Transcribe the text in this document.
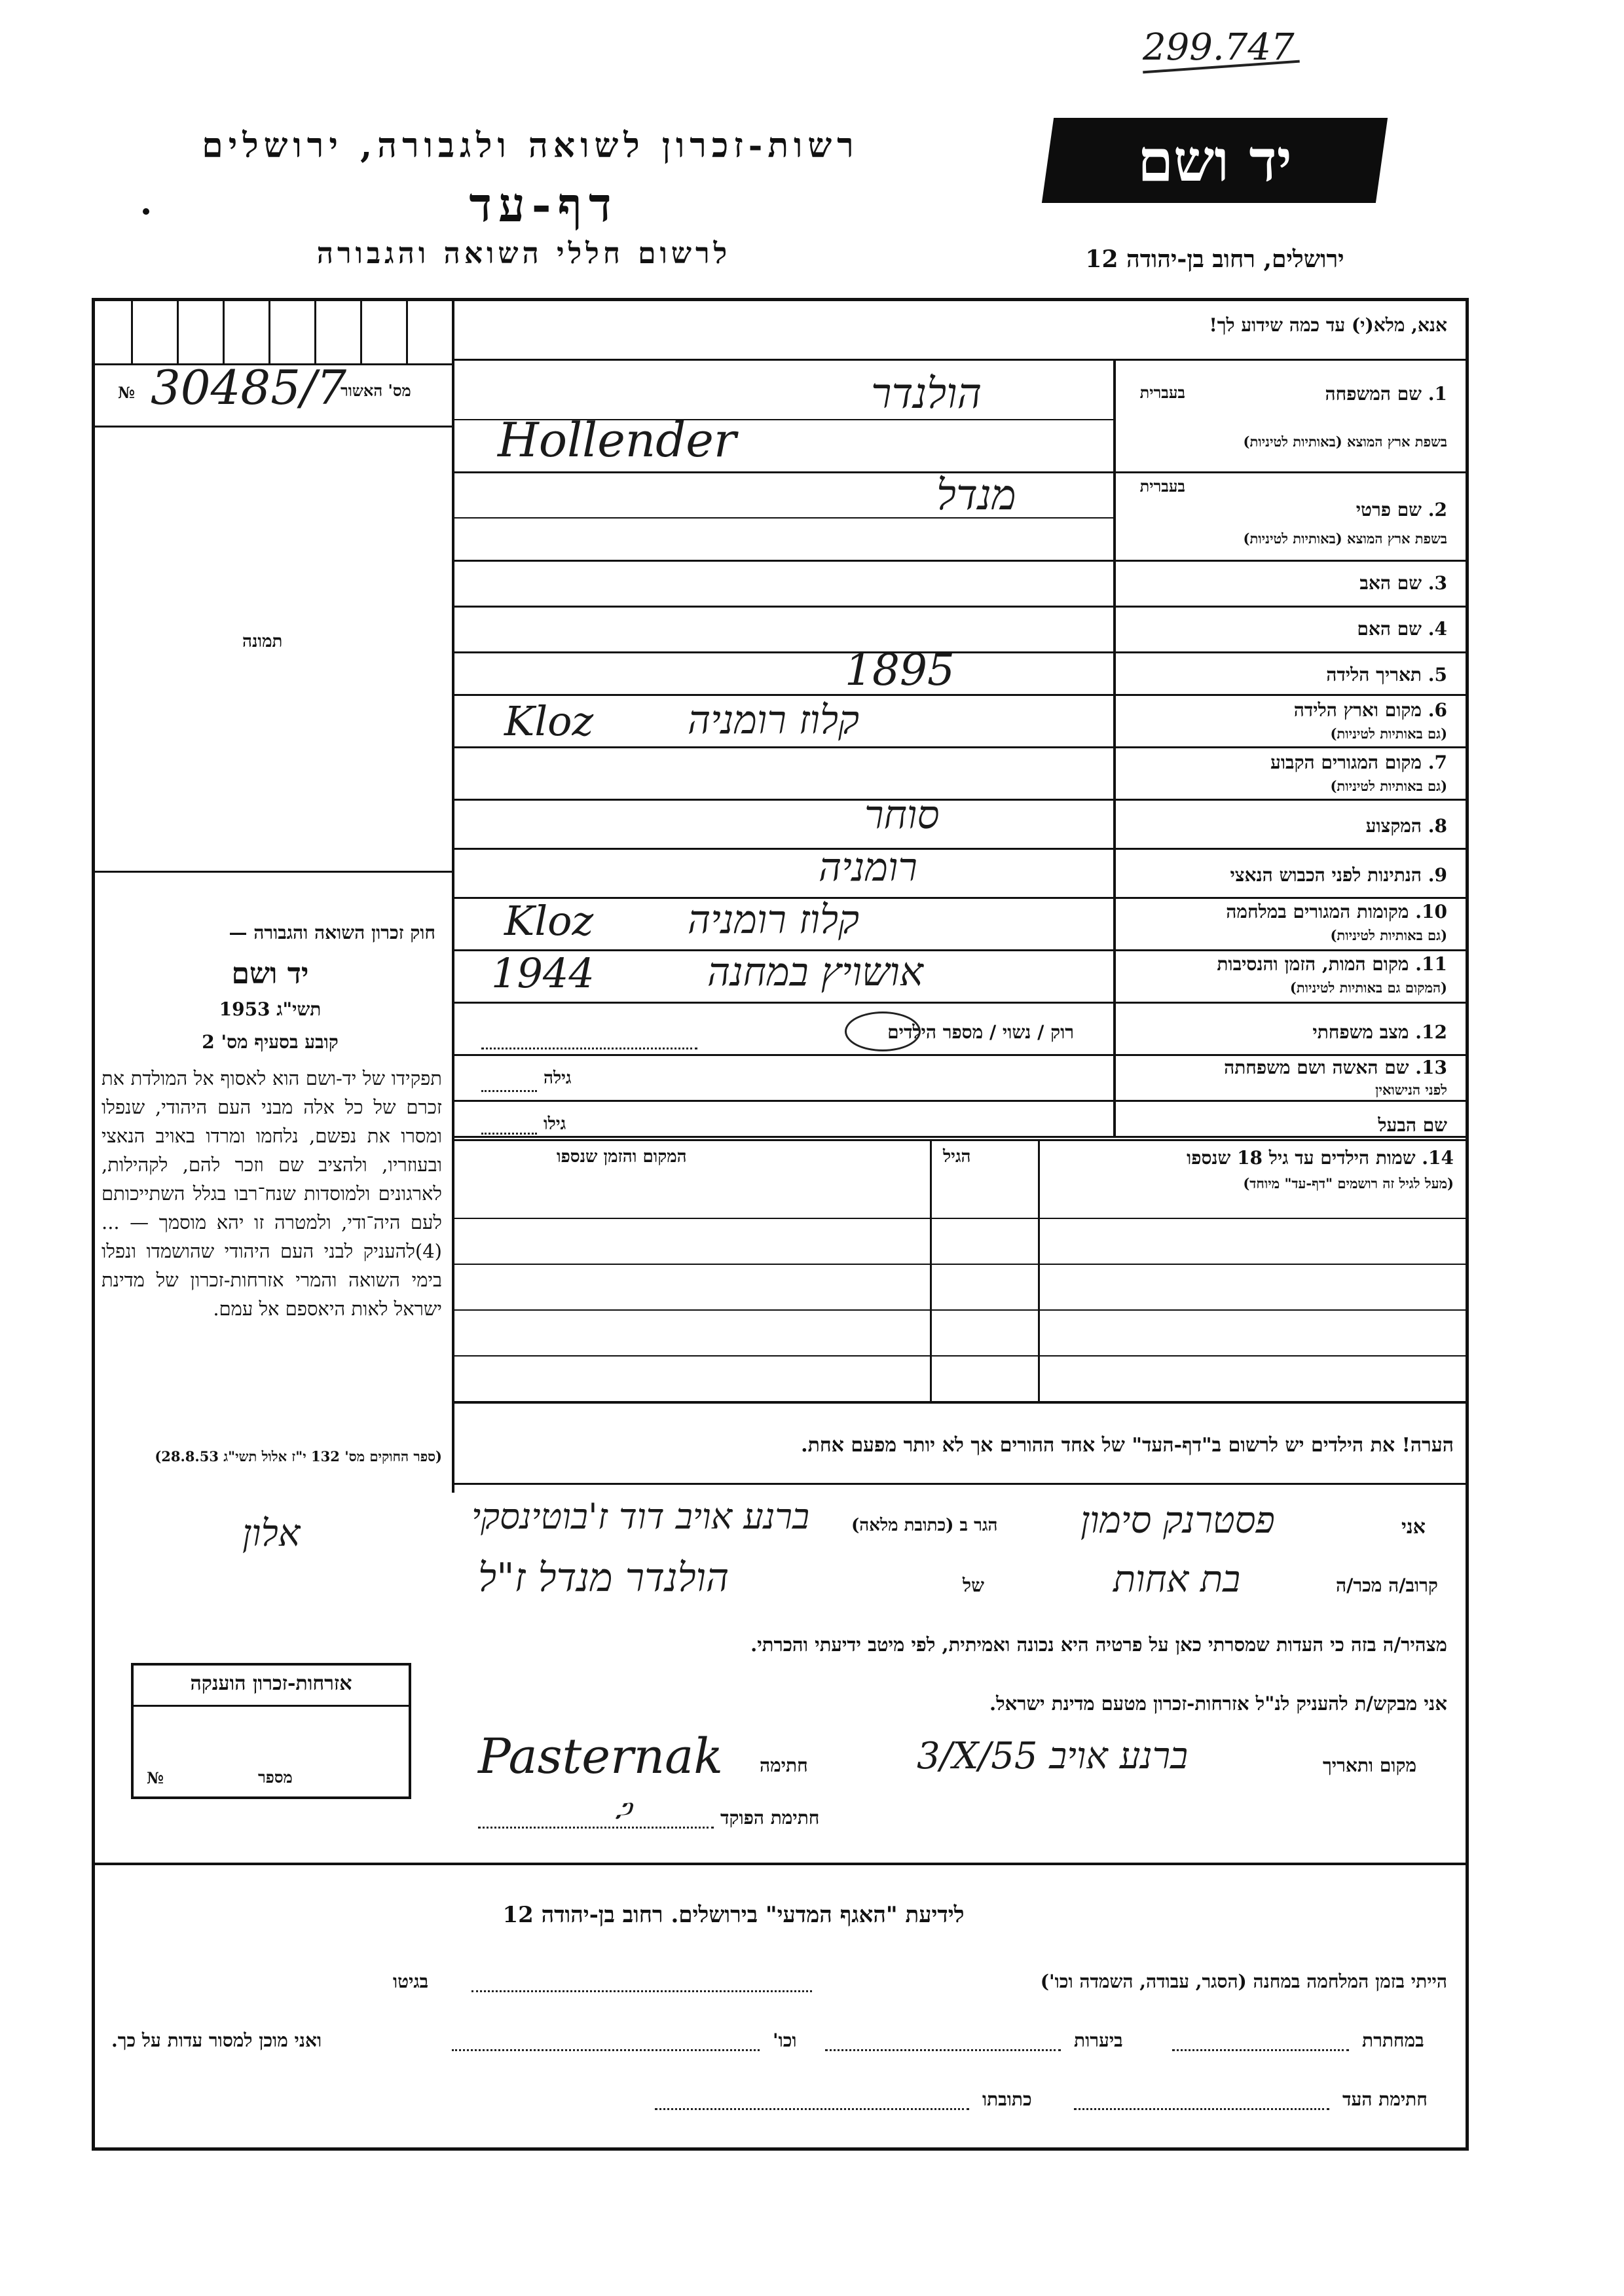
299.747
רשות-זכרון לשואה ולגבורה, ירושלים
דף-עד
לרשום חללי השואה והגבורה
יד ושם
ירושלים, רחוב בן-יהודה 12
אנא, מלא(י) עד כמה שידוע לך!
№ 30485/7
מס' האשור
תמונה
חוק זכרון השואה והגבורה —
יד ושם
תשי"ג 1953
קובע בסעיף מס' 2
תפקידו של יד-ושם הוא לאסוף אל המולדת את זכרם של כל אלה מבני העם היהודי, שנפלו ומסרו את נפשם, נלחמו ומרדו באויב הנאצי ובעוזריו, ולהציב שם וזכר להם, לקהילות, לארגונים ולמוסדות שנח־רבו בגלל השתייכותם לעם היה־ודי, ולמטרה זו יהא מוסמך — ...(4)להעניק לבני העם היהודי שהושמדו ונפלו בימי השואה והמרי אזרחות-זכרון של מדינת ישראל לאות היאספם אל עמם.
(ספר החוקים מס' 132 י"ז אלול תשי"ג 28.8.53)
1. שם המשפחה
בעברית
בשפת ארץ המוצא (באותיות לטיניות)
בעברית
2. שם פרטי
בשפת ארץ המוצא (באותיות לטיניות)
3. שם האב
4. שם האם
5. תאריך הלידה
6. מקום וארץ הלידה
(גם באותיות לטיניות)
7. מקום המגורים הקבוע
(גם באותיות לטיניות)
8. המקצוע
9. הנתינות לפני הכבוש הנאצי
10. מקומות המגורים במלחמה
(גם באותיות לטיניות)
11. מקום המות, הזמן והנסיבות
(המקום גם באותיות לטיניות)
12. מצב משפחתי
13. שם האשה ושם משפחתה
לפני הנישואין
שם הבעל
רוק / נשוי / מספר הילדים
גילה
גילו
הולנדר
Hollender
מנדל
1895
Kloz קלוז רומניה
סוחר
רומניה
Kloz קלוז רומניה
1944	אושויץ במחנה
14. שמות הילדים עד גיל 18 שנספו
(מעל לגיל זה רושמים "דף-עד" מיוחד)
הגיל
המקום והזמן שנספו
הערה! את הילדים יש לרשום ב"דף-העד" של אחד ההורים אך לא יותר מפעם אחת.
אני
פסטרנק סימון
הגר ב (כתובת מלאה)
ברנע אויב דוד ז'בוטינסקי
אלון
קרוב/ה מכר/ה
בת אחות
של
הולנדר מנדל ז"ל
מצהיר/ה בזה כי העדות שמסרתי כאן על פרטיה היא נכונה ואמיתית, לפי מיטב ידיעתי והכרתי.
אני מבקש/ת להעניק לנ"ל אזרחות-זכרון מטעם מדינת ישראל.
מקום ותאריך
3/X/55 ברנע אויב
חתימה
Pasternak
חתימת הפוקד
ጋ
אזרחות-זכרון הוענקה
№	מספר
לידיעת "האגף המדעי" בירושלים. רחוב בן-יהודה 12
הייתי בזמן המלחמה במחנה (הסגר, עבודה, השמדה וכו')
בגיטו
במחתרת
ביערות
וכו'
ואני מוכן למסור עדות על כך.
חתימת העד
כתובתו
